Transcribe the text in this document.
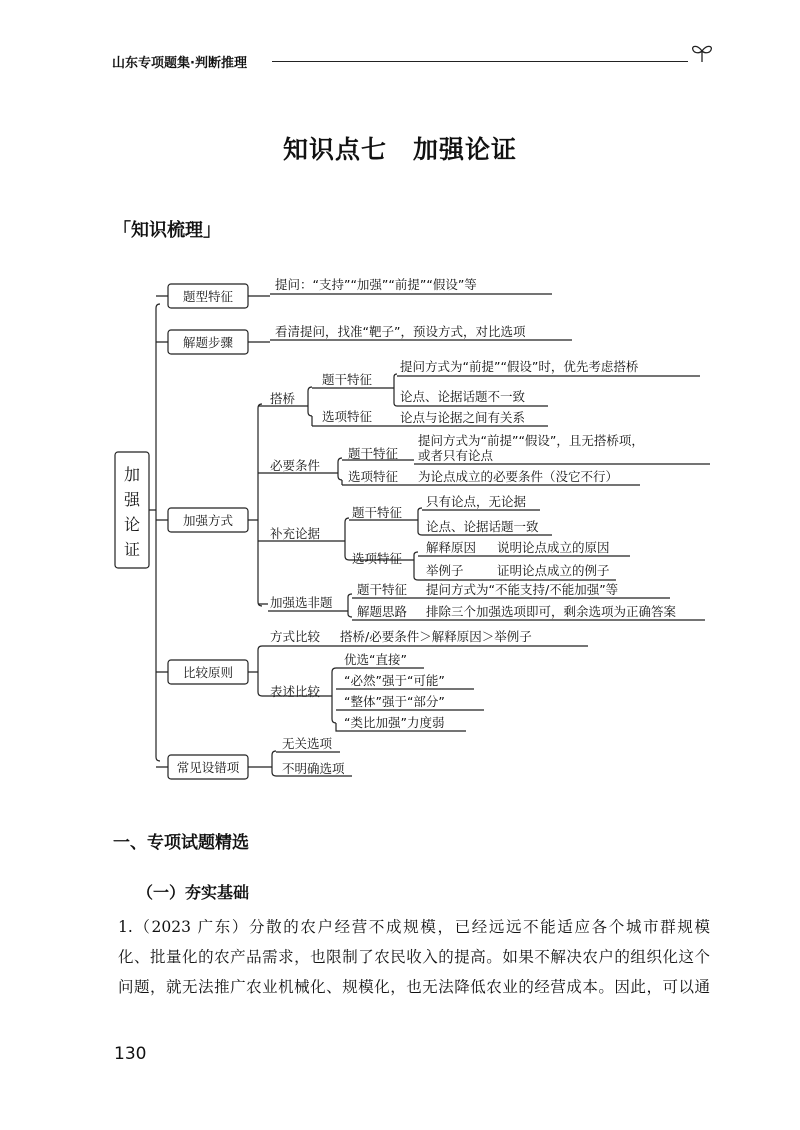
山东专项题集·判断推理
知识点七　加强论证
「知识梳理」
加
强
论
证
题型特征
解题步骤
加强方式
比较原则
常见设错项
提问：“支持”“加强”“前提”“假设”等
看清提问，找准“靶子”，预设方式，对比选项
搭桥
题干特征
选项特征
提问方式为“前提”“假设”时，优先考虑搭桥
论点、论据话题不一致
论点与论据之间有关系
必要条件
题干特征
提问方式为“前提”“假设”，且无搭桥项，
或者只有论点
选项特征 为论点成立的必要条件（没它不行）
补充论据
题干特征
只有论点，无论据
论点、论据话题一致
选项特征
解释原因 说明论点成立的原因
举例子	证明论点成立的例子
加强选非题
题干特征 提问方式为“不能支持/不能加强”等
解题思路 排除三个加强选项即可，剩余选项为正确答案
方式比较 搭桥/必要条件＞解释原因＞举例子
表述比较
优选“直接”
“必然”强于“可能”
“整体”强于“部分”
“类比加强”力度弱
无关选项
不明确选项
一、专项试题精选
（一）夯实基础
1.（2023 广东）分散的农户经营不成规模，已经远远不能适应各个城市群规模
化、批量化的农产品需求，也限制了农民收入的提高。如果不解决农户的组织化这个
问题，就无法推广农业机械化、规模化，也无法降低农业的经营成本。因此，可以通
130
